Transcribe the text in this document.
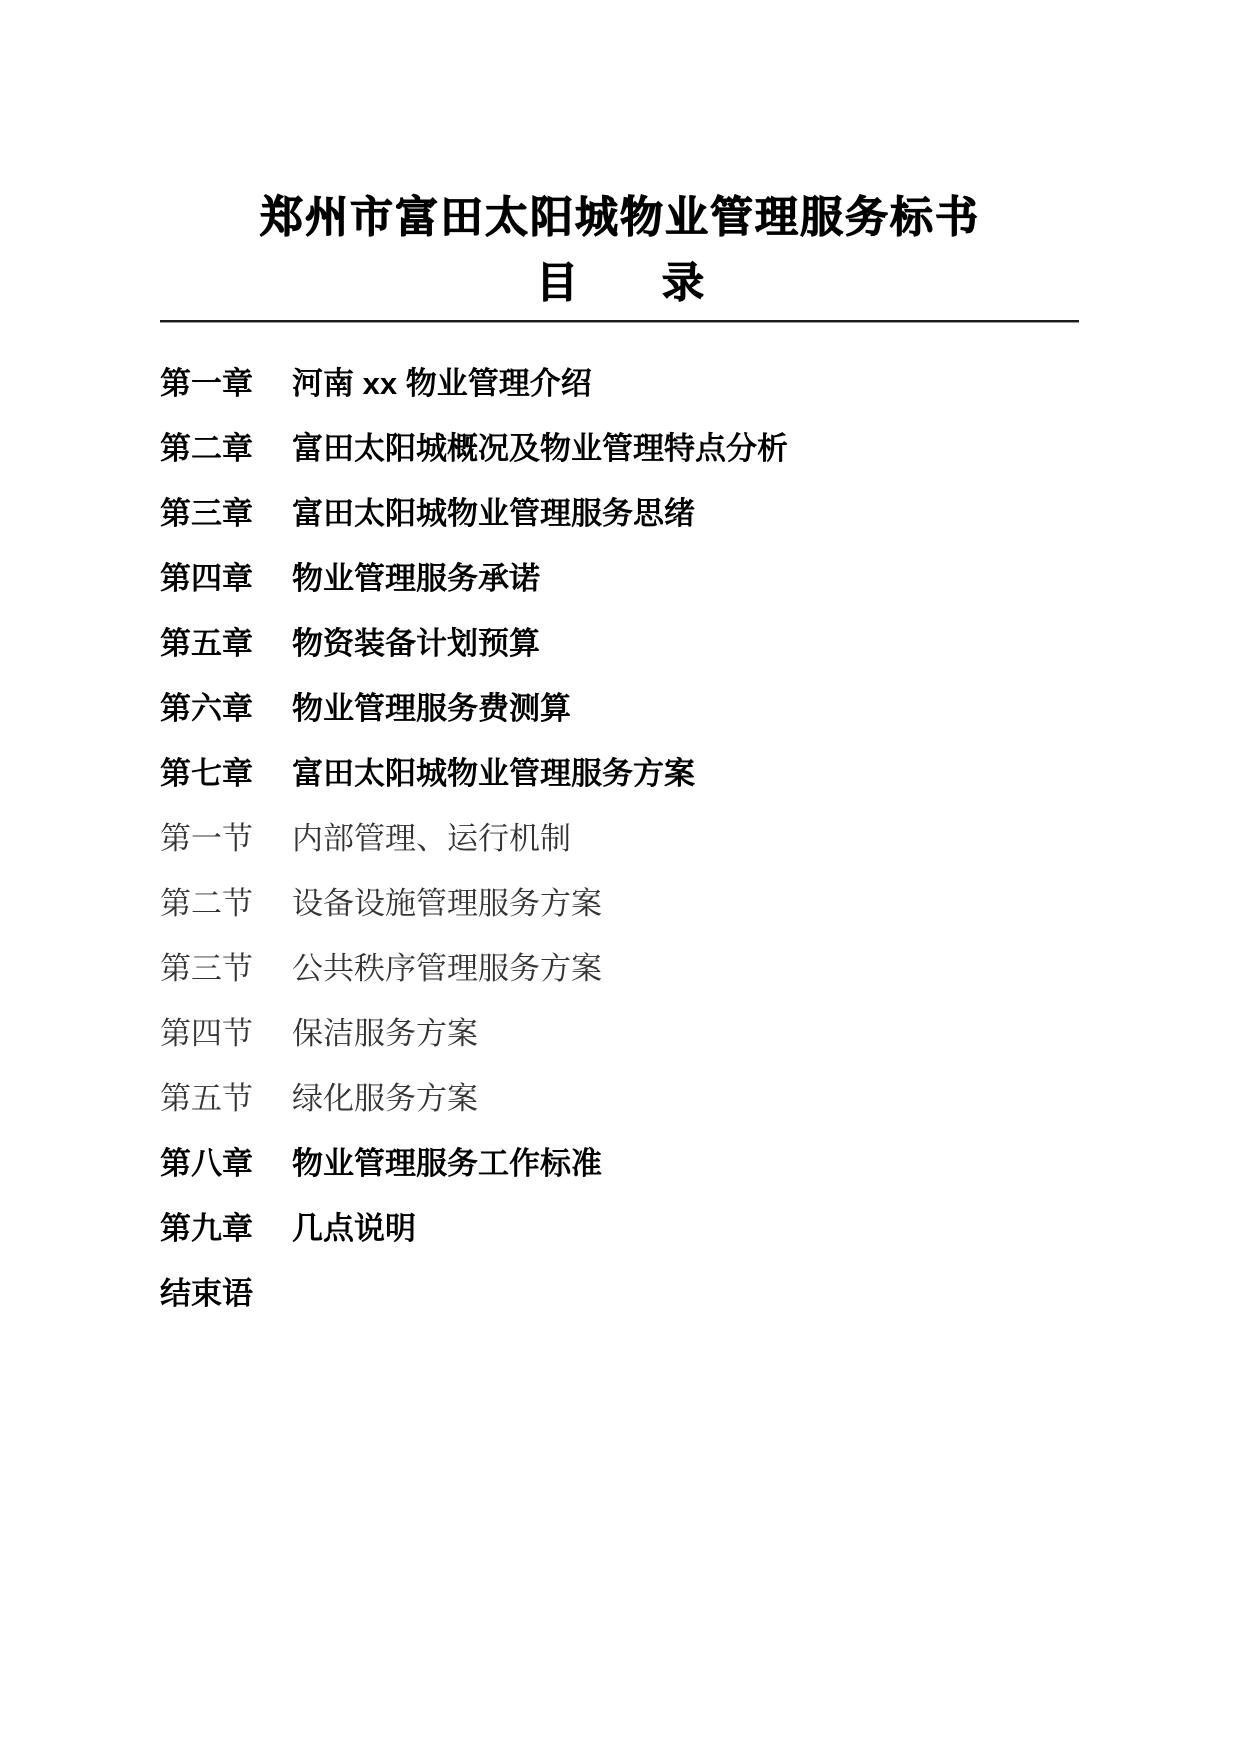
郑州市富田太阳城物业管理服务标书
目　　录
第一章	河南 xx 物业管理介绍
第二章	富田太阳城概况及物业管理特点分析
第三章	富田太阳城物业管理服务思绪
第四章	物业管理服务承诺
第五章	物资装备计划预算
第六章	物业管理服务费测算
第七章	富田太阳城物业管理服务方案
第一节	内部管理、运行机制
第二节	设备设施管理服务方案
第三节	公共秩序管理服务方案
第四节	保洁服务方案
第五节	绿化服务方案
第八章	物业管理服务工作标准
第九章	几点说明
结束语
